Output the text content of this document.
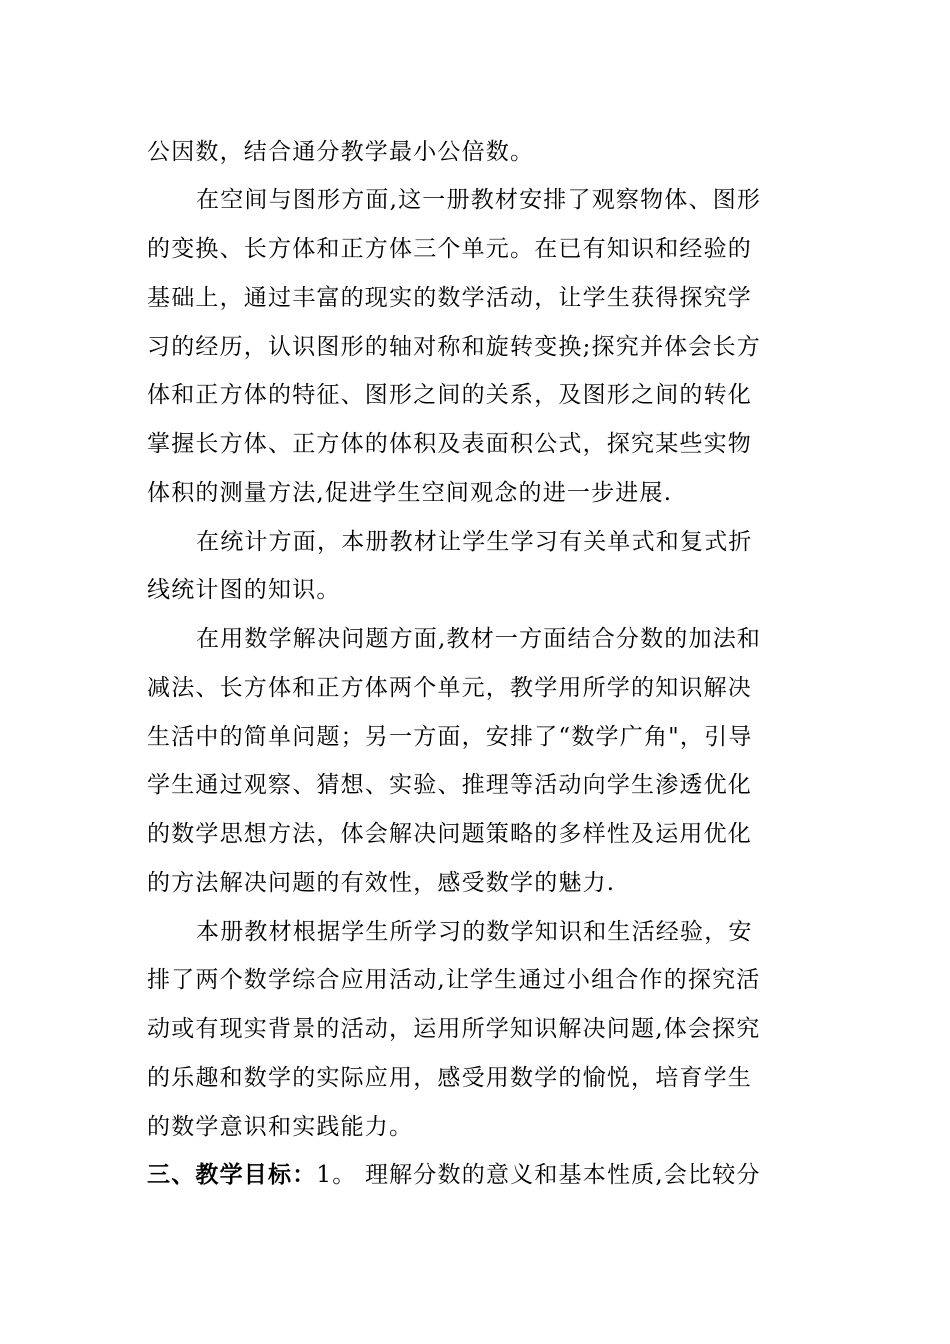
公因数，结合通分教学最小公倍数。
在空间与图形方面,这一册教材安排了观察物体、图形
的变换、长方体和正方体三个单元。在已有知识和经验的
基础上，通过丰富的现实的数学活动，让学生获得探究学
习的经历，认识图形的轴对称和旋转变换;探究并体会长方
体和正方体的特征、图形之间的关系，及图形之间的转化
掌握长方体、正方体的体积及表面积公式，探究某些实物
体积的测量方法,促进学生空间观念的进一步进展.
在统计方面，本册教材让学生学习有关单式和复式折
线统计图的知识。
在用数学解决问题方面,教材一方面结合分数的加法和
减法、长方体和正方体两个单元，教学用所学的知识解决
生活中的简单问题；另一方面，安排了“数学广角"，引导
学生通过观察、猜想、实验、推理等活动向学生渗透优化
的数学思想方法，体会解决问题策略的多样性及运用优化
的方法解决问题的有效性，感受数学的魅力.
本册教材根据学生所学习的数学知识和生活经验，安
排了两个数学综合应用活动,让学生通过小组合作的探究活
动或有现实背景的活动，运用所学知识解决问题,体会探究
的乐趣和数学的实际应用，感受用数学的愉悦，培育学生
的数学意识和实践能力。
三、教学目标：1。 理解分数的意义和基本性质,会比较分
